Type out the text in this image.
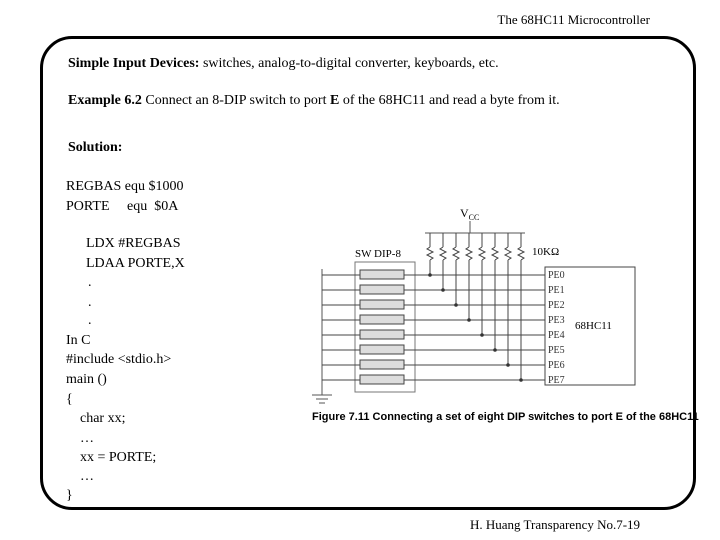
The 68HC11 Microcontroller
Simple Input Devices: switches, analog-to-digital converter, keyboards, etc.
Example 6.2 Connect an 8-DIP switch to port E of the 68HC11 and read a byte from it.
Solution:
REGBAS equ $1000
PORTE     equ  $0A
LDX #REGBAS
LDAA PORTE,X
.
.
.
In C
#include <stdio.h>
main ()
{
char xx;
…
xx = PORTE;
…
}
$V_{CC}$
SW DIP-8	10KΩ
68HC11
PE0
PE1
PE2
PE3
PE4
PE5
PE6
PE7
Figure 7.11 Connecting a set of eight DIP switches to port E of the 68HC11
H. Huang Transparency No.7-19
